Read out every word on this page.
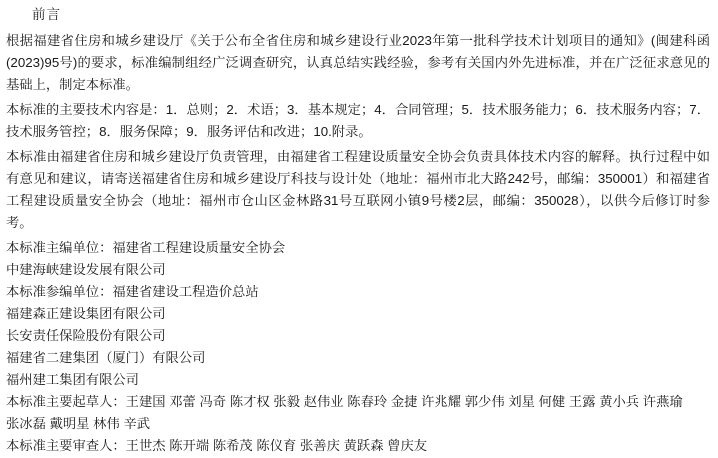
前言

根据福建省住房和城乡建设厅《关于公布全省住房和城乡建设行业2023年第一批科学技术计划项目的通知》(闽建科函(2023)95号)的要求，标准编制组经广泛调查研究，认真总结实践经验，参考有关国内外先进标准，并在广泛征求意见的基础上，制定本标准。

本标准的主要技术内容是：1．总则；2．术语；3．基本规定；4．合同管理；5．技术服务能力；6．技术服务内容；7．技术服务管控；8．服务保障；9．服务评估和改进；10.附录。

本标准由福建省住房和城乡建设厅负责管理，由福建省工程建设质量安全协会负责具体技术内容的解释。执行过程中如有意见和建议，请寄送福建省住房和城乡建设厅科技与设计处（地址：福州市北大路242号，邮编：350001）和福建省工程建设质量安全协会（地址：福州市仓山区金林路31号互联网小镇9号楼2层，邮编：350028），以供今后修订时参考。

本标准主编单位：福建省工程建设质量安全协会
中建海峡建设发展有限公司
本标准参编单位：福建省建设工程造价总站
福建森正建设集团有限公司
长安责任保险股份有限公司
福建省二建集团（厦门）有限公司
福州建工集团有限公司
本标准主要起草人：王建国 邓蕾 冯奇 陈才权 张毅 赵伟业 陈春玲 金捷 许兆耀 郭少伟 刘星 何健 王露 黄小兵 许燕瑜
张冰磊 戴明星 林伟 辛武
本标准主要审查人：王世杰 陈开端 陈希茂 陈仪育 张善庆 黄跃森 曾庆友
